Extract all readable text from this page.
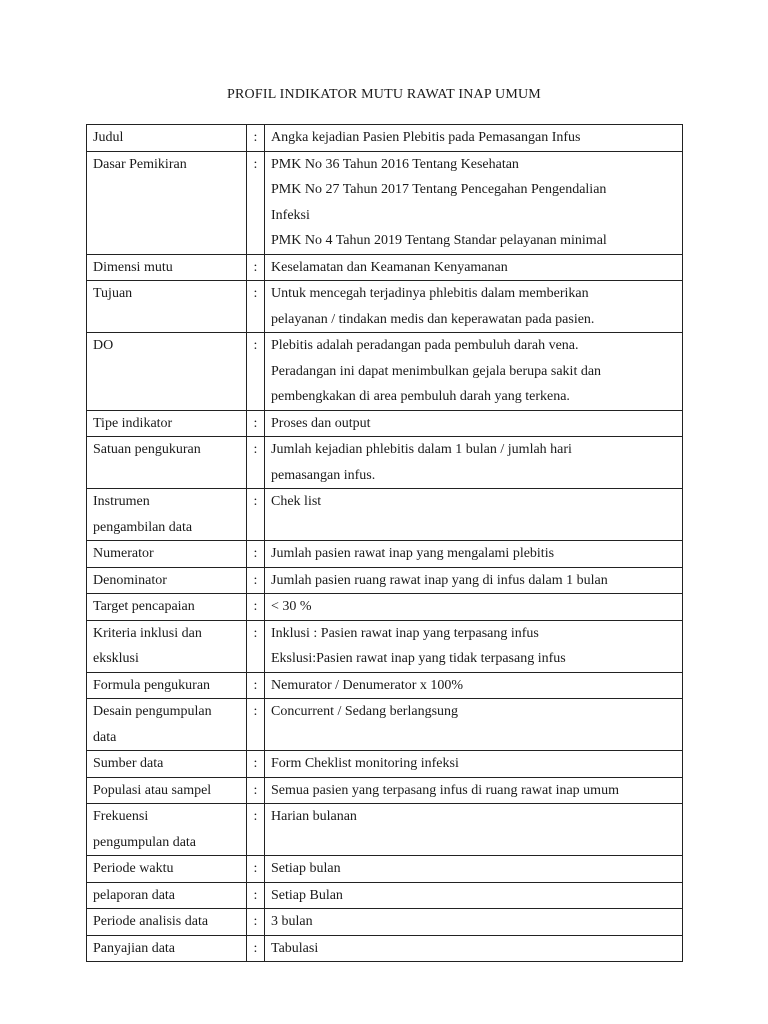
PROFIL INDIKATOR MUTU RAWAT INAP UMUM
Judul	:	Angka kejadian Pasien Plebitis pada Pemasangan Infus

Dasar Pemikiran	:	PMK No 36 Tahun 2016 Tentang Kesehatan
PMK No 27 Tahun 2017 Tentang Pencegahan Pengendalian
Infeksi
PMK No 4 Tahun 2019 Tentang Standar pelayanan minimal

Dimensi mutu	:	Keselamatan dan Keamanan Kenyamanan

Tujuan	:	Untuk mencegah terjadinya phlebitis dalam memberikan
pelayanan / tindakan medis dan keperawatan pada pasien.

DO	:	Plebitis adalah peradangan pada pembuluh darah vena.
Peradangan ini dapat menimbulkan gejala berupa sakit dan
pembengkakan di area pembuluh darah yang terkena.

Tipe indikator	:	Proses dan output

Satuan pengukuran	:	Jumlah kejadian phlebitis dalam 1 bulan / jumlah hari
pemasangan infus.

Instrumen
pengambilan data	:	Chek list

Numerator	:	Jumlah pasien rawat inap yang mengalami plebitis

Denominator	:	Jumlah pasien ruang rawat inap yang di infus dalam 1 bulan

Target pencapaian	:	< 30 %

Kriteria inklusi dan
eksklusi	:	Inklusi : Pasien rawat inap yang terpasang infus
Ekslusi:Pasien rawat inap yang tidak terpasang infus

Formula pengukuran	:	Nemurator / Denumerator x 100%

Desain pengumpulan
data	:	Concurrent / Sedang berlangsung

Sumber data	:	Form Cheklist monitoring infeksi

Populasi atau sampel	:	Semua pasien yang terpasang infus di ruang rawat inap umum

Frekuensi
pengumpulan data	:	Harian bulanan

Periode waktu	:	Setiap bulan

pelaporan data	:	Setiap Bulan

Periode analisis data	:	3 bulan

Panyajian data	:	Tabulasi
